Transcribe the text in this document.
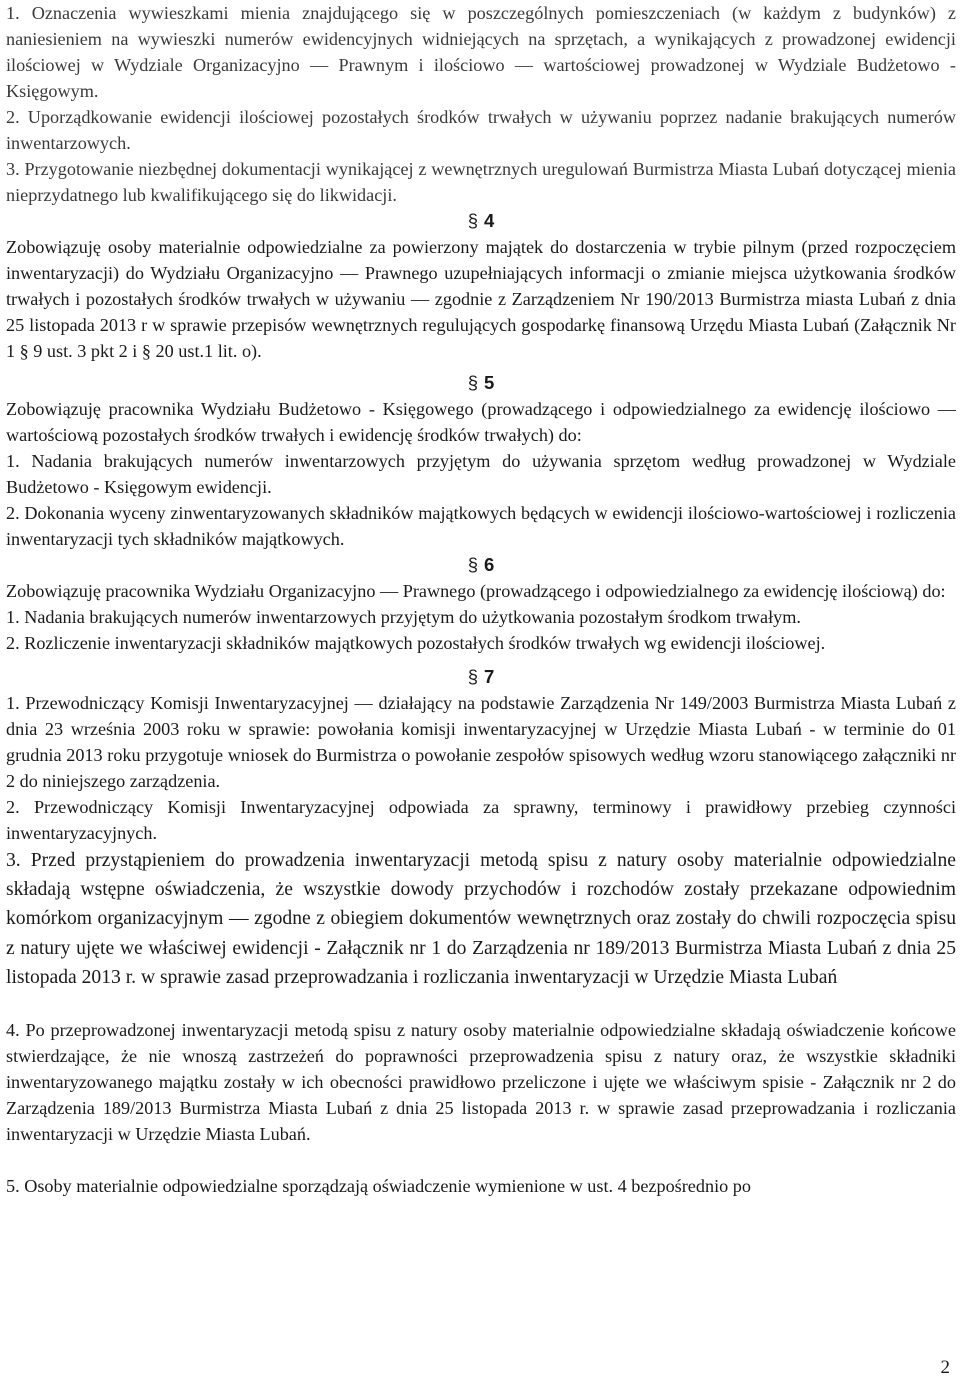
1. Oznaczenia wywieszkami mienia znajdującego się w poszczególnych pomieszczeniach (w każdym z budynków) z naniesieniem na wywieszki numerów ewidencyjnych widniejących na sprzętach, a wynikających z prowadzonej ewidencji ilościowej w Wydziale Organizacyjno ― Prawnym i ilościowo ― wartościowej prowadzonej w Wydziale Budżetowo - Księgowym.

2. Uporządkowanie ewidencji ilościowej pozostałych środków trwałych w używaniu poprzez nadanie brakujących numerów inwentarzowych.

3. Przygotowanie niezbędnej dokumentacji wynikającej z wewnętrznych uregulowań Burmistrza Miasta Lubań dotyczącej mienia nieprzydatnego lub kwalifikującego się do likwidacji.

§ 4

Zobowiązuję osoby materialnie odpowiedzialne za powierzony majątek do dostarczenia w trybie pilnym (przed rozpoczęciem inwentaryzacji) do Wydziału Organizacyjno ― Prawnego uzupełniających informacji o zmianie miejsca użytkowania środków trwałych i pozostałych środków trwałych w używaniu ― zgodnie z Zarządzeniem Nr 190/2013 Burmistrza miasta Lubań z dnia 25 listopada 2013 r w sprawie przepisów wewnętrznych regulujących gospodarkę finansową Urzędu Miasta Lubań (Załącznik Nr 1 § 9 ust. 3 pkt 2 i § 20 ust.1 lit. o).

§ 5

Zobowiązuję pracownika Wydziału Budżetowo - Księgowego (prowadzącego i odpowiedzialnego za ewidencję ilościowo ― wartościową pozostałych środków trwałych i ewidencję środków trwałych) do:

1. Nadania brakujących numerów inwentarzowych przyjętym do używania sprzętom według prowadzonej w Wydziale Budżetowo - Księgowym ewidencji.

2. Dokonania wyceny zinwentaryzowanych składników majątkowych będących w ewidencji ilościowo-wartościowej i rozliczenia inwentaryzacji tych składników majątkowych.

§ 6

Zobowiązuję pracownika Wydziału Organizacyjno ― Prawnego (prowadzącego i odpowiedzialnego za ewidencję ilościową) do:

1. Nadania brakujących numerów inwentarzowych przyjętym do użytkowania pozostałym środkom trwałym.

2. Rozliczenie inwentaryzacji składników majątkowych pozostałych środków trwałych wg ewidencji ilościowej.

§ 7

1. Przewodniczący Komisji Inwentaryzacyjnej ― działający na podstawie Zarządzenia Nr 149/2003 Burmistrza Miasta Lubań z dnia 23 września 2003 roku w sprawie: powołania komisji inwentaryzacyjnej w Urzędzie Miasta Lubań - w terminie do 01 grudnia 2013 roku przygotuje wniosek do Burmistrza o powołanie zespołów spisowych według wzoru stanowiącego załączniki nr 2 do niniejszego zarządzenia.

2. Przewodniczący Komisji Inwentaryzacyjnej odpowiada za sprawny, terminowy i prawidłowy przebieg czynności inwentaryzacyjnych.

3. Przed przystąpieniem do prowadzenia inwentaryzacji metodą spisu z natury osoby materialnie odpowiedzialne składają wstępne oświadczenia, że wszystkie dowody przychodów i rozchodów zostały przekazane odpowiednim komórkom organizacyjnym ― zgodne z obiegiem dokumentów wewnętrznych oraz zostały do chwili rozpoczęcia spisu z natury ujęte we właściwej ewidencji - Załącznik nr 1 do Zarządzenia nr 189/2013 Burmistrza Miasta Lubań z dnia 25 listopada 2013 r. w sprawie zasad przeprowadzania i rozliczania inwentaryzacji w Urzędzie Miasta Lubań

4. Po przeprowadzonej inwentaryzacji metodą spisu z natury osoby materialnie odpowiedzialne składają oświadczenie końcowe stwierdzające, że nie wnoszą zastrzeżeń do poprawności przeprowadzenia spisu z natury oraz, że wszystkie składniki inwentaryzowanego majątku zostały w ich obecności prawidłowo przeliczone i ujęte we właściwym spisie - Załącznik nr 2 do Zarządzenia 189/2013 Burmistrza Miasta Lubań z dnia 25 listopada 2013 r. w sprawie zasad przeprowadzania i rozliczania inwentaryzacji w Urzędzie Miasta Lubań.

5. Osoby materialnie odpowiedzialne sporządzają oświadczenie wymienione w ust. 4 bezpośrednio po

2
